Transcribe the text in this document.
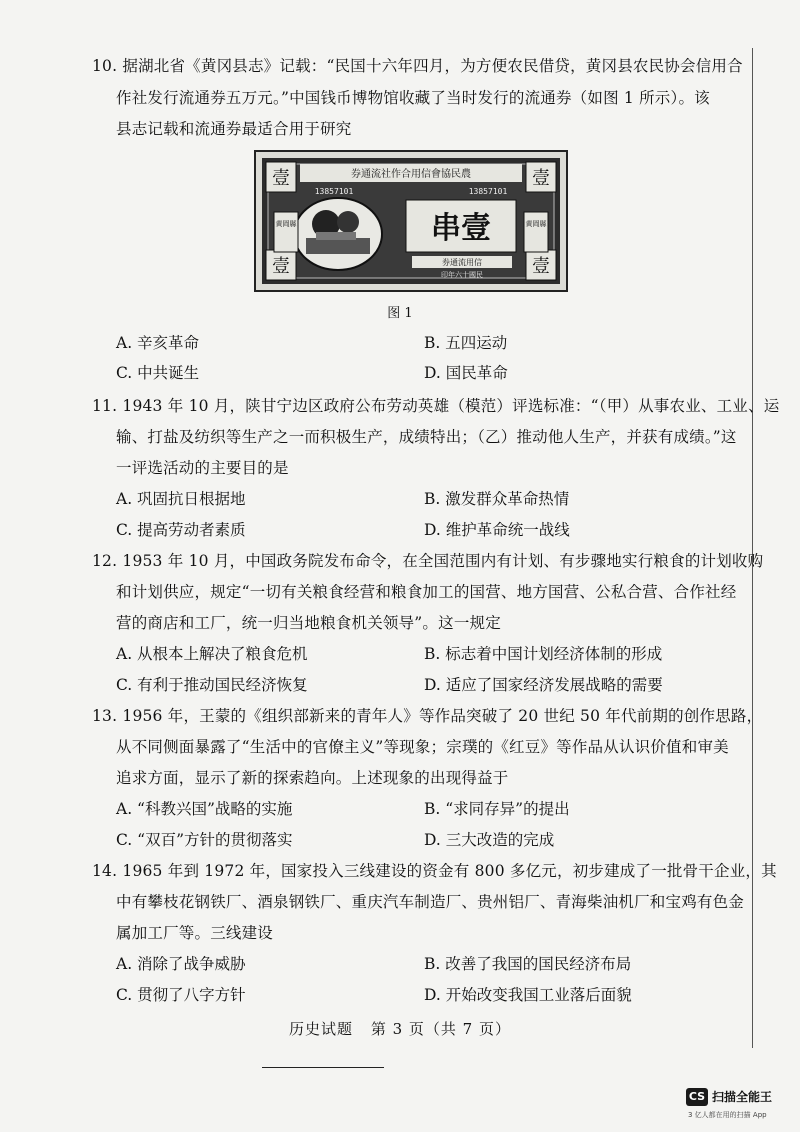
10. 据湖北省《黄冈县志》记载：“民国十六年四月，为方便农民借贷，黄冈县农民协会信用合
作社发行流通券五万元。”中国钱币博物馆收藏了当时发行的流通券（如图 1 所示）。该
县志记载和流通券最适合用于研究
壹	壹
壹	壹
券通流社作合用信會協民農
13857101	13857101
黄岡縣	黄岡縣
串壹
券通流用信
印年六十國民
图 1
A. 辛亥革命	B. 五四运动
C. 中共诞生	D. 国民革命
11. 1943 年 10 月，陕甘宁边区政府公布劳动英雄（模范）评选标准：“（甲）从事农业、工业、运
输、打盐及纺织等生产之一而积极生产，成绩特出；（乙）推动他人生产，并获有成绩。”这
一评选活动的主要目的是
A. 巩固抗日根据地	B. 激发群众革命热情
C. 提高劳动者素质	D. 维护革命统一战线
12. 1953 年 10 月，中国政务院发布命令，在全国范围内有计划、有步骤地实行粮食的计划收购
和计划供应，规定“一切有关粮食经营和粮食加工的国营、地方国营、公私合营、合作社经
营的商店和工厂，统一归当地粮食机关领导”。这一规定
A. 从根本上解决了粮食危机	B. 标志着中国计划经济体制的形成
C. 有利于推动国民经济恢复	D. 适应了国家经济发展战略的需要
13. 1956 年，王蒙的《组织部新来的青年人》等作品突破了 20 世纪 50 年代前期的创作思路，
从不同侧面暴露了“生活中的官僚主义”等现象；宗璞的《红豆》等作品从认识价值和审美
追求方面，显示了新的探索趋向。上述现象的出现得益于
A. “科教兴国”战略的实施	B. “求同存异”的提出
C. “双百”方针的贯彻落实	D. 三大改造的完成
14. 1965 年到 1972 年，国家投入三线建设的资金有 800 多亿元，初步建成了一批骨干企业，其
中有攀枝花钢铁厂、酒泉钢铁厂、重庆汽车制造厂、贵州铝厂、青海柴油机厂和宝鸡有色金
属加工厂等。三线建设
A. 消除了战争威胁	B. 改善了我国的国民经济布局
C. 贯彻了八字方针	D. 开始改变我国工业落后面貌
历史试题 第 3 页（共 7 页）
CS 扫描全能王
3 亿人都在用的扫描 App
